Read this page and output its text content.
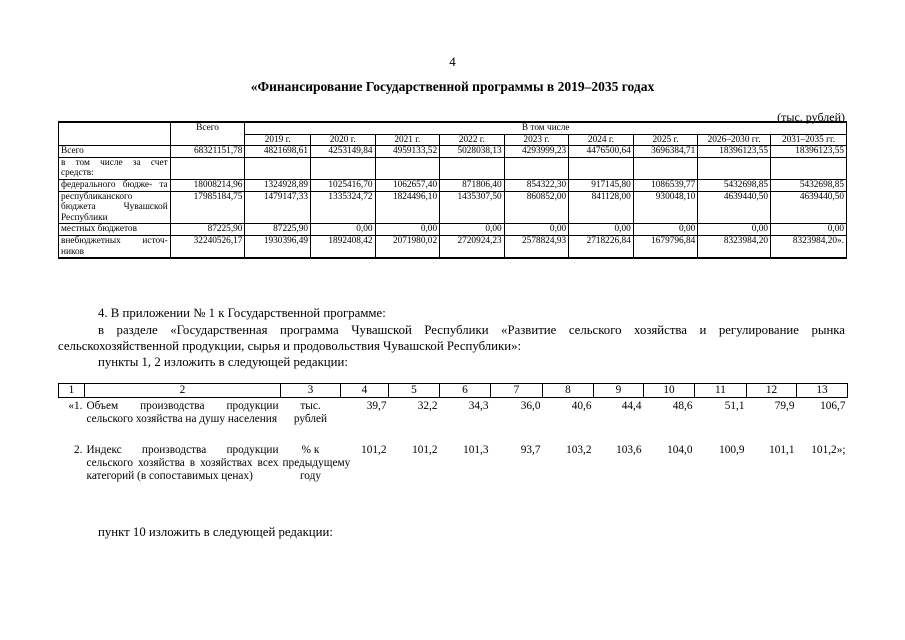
4
«Финансирование Государственной программы в 2019–2035 годах
(тыс. рублей)
	Всего	В том числе								
		2019 г.	2020 г.	2021 г.	2022 г.	2023 г.	2024 г.	2025 г.	2026–2030 гг.	2031–2035 гг.
Всего	68321151,78	4821698,61	4253149,84	4959133,52	5028038,13	4293999,23	4476500,64	3696384,71	18396123,55	18396123,55
в том числе за счет средств:										
федерального бюдже- та	18008214,96	1324928,89	1025416,70	1062657,40	871806,40	854322,30	917145,80	1086539,77	5432698,85	5432698,85
республиканского бюджета Чувашской Республики	17985184,75	1479147,33	1335324,72	1824496,10	1435307,50	860852,00	841128,00	930048,10	4639440,50	4639440,50
местных бюджетов	87225,90	87225,90	0,00	0,00	0,00	0,00	0,00	0,00	0,00	0,00
внебюджетных источ- ников	32240526,17	1930396,49	1892408,42	2071980,02	2720924,23	2578824,93	2718226,84	1679796,84	8323984,20	8323984,20».
4. В приложении № 1 к Государственной программе:
в разделе «Государственная программа Чувашской Республики «Развитие сельского хозяйства и регулирование рынка
сельскохозяйственной продукции, сырья и продовольствия Чувашской Республики»:
пункты 1, 2 изложить в следующей редакции:
1	2	3	4	5	6	7	8	9	10	11	12	13
«1.	Объем производства продукции сельского хозяйства на душу населения	тыс. рублей	39,7	32,2	34,3	36,0	40,6	44,4	48,6	51,1	79,9	106,7

2.	Индекс производства продукции сельского хозяйства в хозяйствах всех категорий (в сопоставимых ценах)	% к предыдущему году	101,2	101,2	101,3	93,7	103,2	103,6	104,0	100,9	101,1	101,2»;
пункт 10 изложить в следующей редакции:
